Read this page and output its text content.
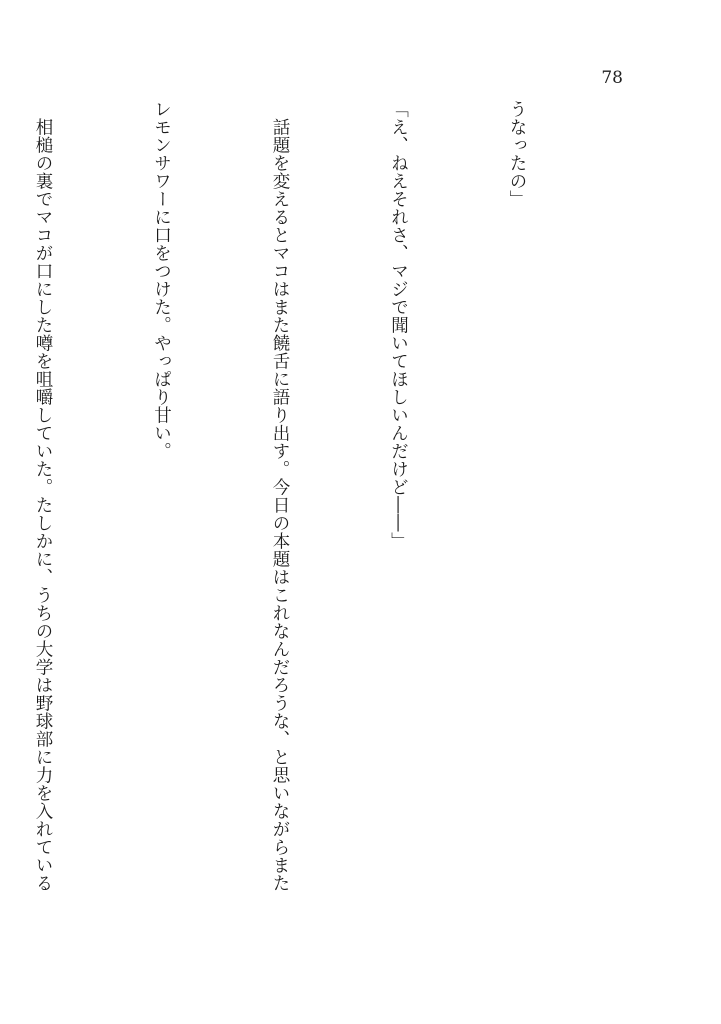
78

うなったの」

「え、ねえそれさ、マジで聞いてほしいんだけど――」

　話題を変えるとマコはまた饒舌に語り出す。今日の本題はこれなんだろうな、と思いながらまた

レモンサワーに口をつけた。やっぱり甘い。

　相槌の裏でマコが口にした噂を咀嚼していた。たしかに、うちの大学は野球部に力を入れている
